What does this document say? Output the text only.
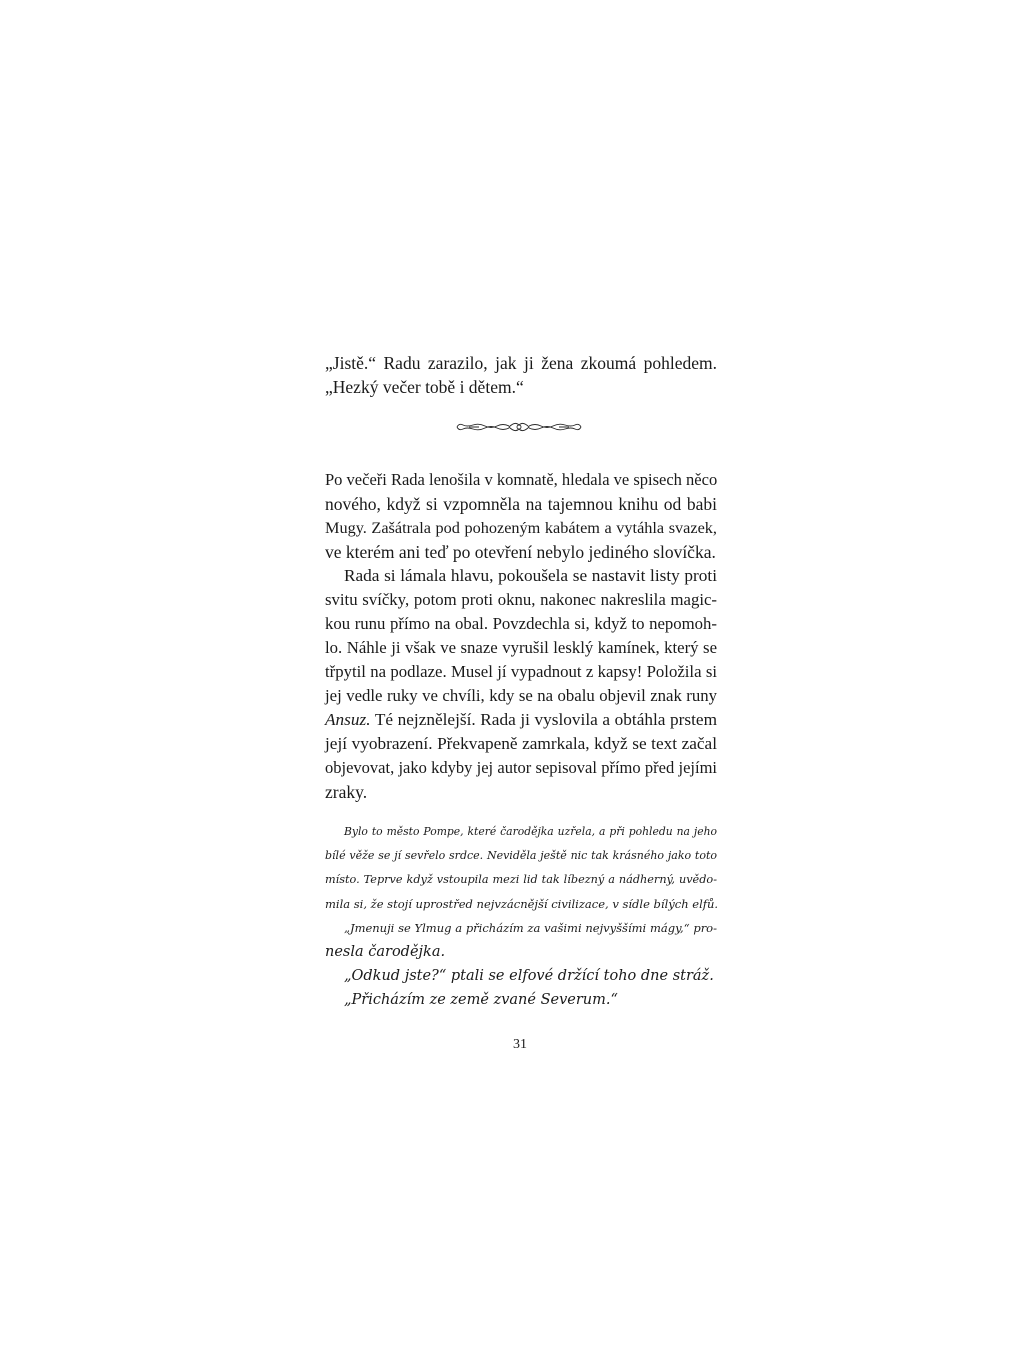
„Jistě.“ Radu zarazilo, jak ji žena zkoumá pohledem.
„Hezký večer tobě i dětem.“
Po večeři Rada lenošila v komnatě, hledala ve spisech něco
nového, když si vzpomněla na tajemnou knihu od babi
Mugy. Zašátrala pod pohozeným kabátem a vytáhla svazek,
ve kterém ani teď po otevření nebylo jediného slovíčka.
Rada si lámala hlavu, pokoušela se nastavit listy proti
svitu svíčky, potom proti oknu, nakonec nakreslila magic-
kou runu přímo na obal. Povzdechla si, když to nepomoh-
lo. Náhle ji však ve snaze vyrušil lesklý kamínek, který se
třpytil na podlaze. Musel jí vypadnout z kapsy! Položila si
jej vedle ruky ve chvíli, kdy se na obalu objevil znak runy
Ansuz. Té nejznělejší. Rada ji vyslovila a obtáhla prstem
její vyobrazení. Překvapeně zamrkala, když se text začal
objevovat, jako kdyby jej autor sepisoval přímo před jejími
zraky.
Bylo to město Pompe, které čarodějka uzřela, a při pohledu na jeho
bílé věže se jí sevřelo srdce. Neviděla ještě nic tak krásného jako toto
místo. Teprve když vstoupila mezi lid tak líbezný a nádherný, uvědo-
mila si, že stojí uprostřed nejvzácnější civilizace, v sídle bílých elfů.
„Jmenuji se Ylmug a přicházím za vašimi nejvyššími mágy,“ pro-
nesla čarodějka.
„Odkud jste?“ ptali se elfové držící toho dne stráž.
„Přicházím ze země zvané Severum.“
31
